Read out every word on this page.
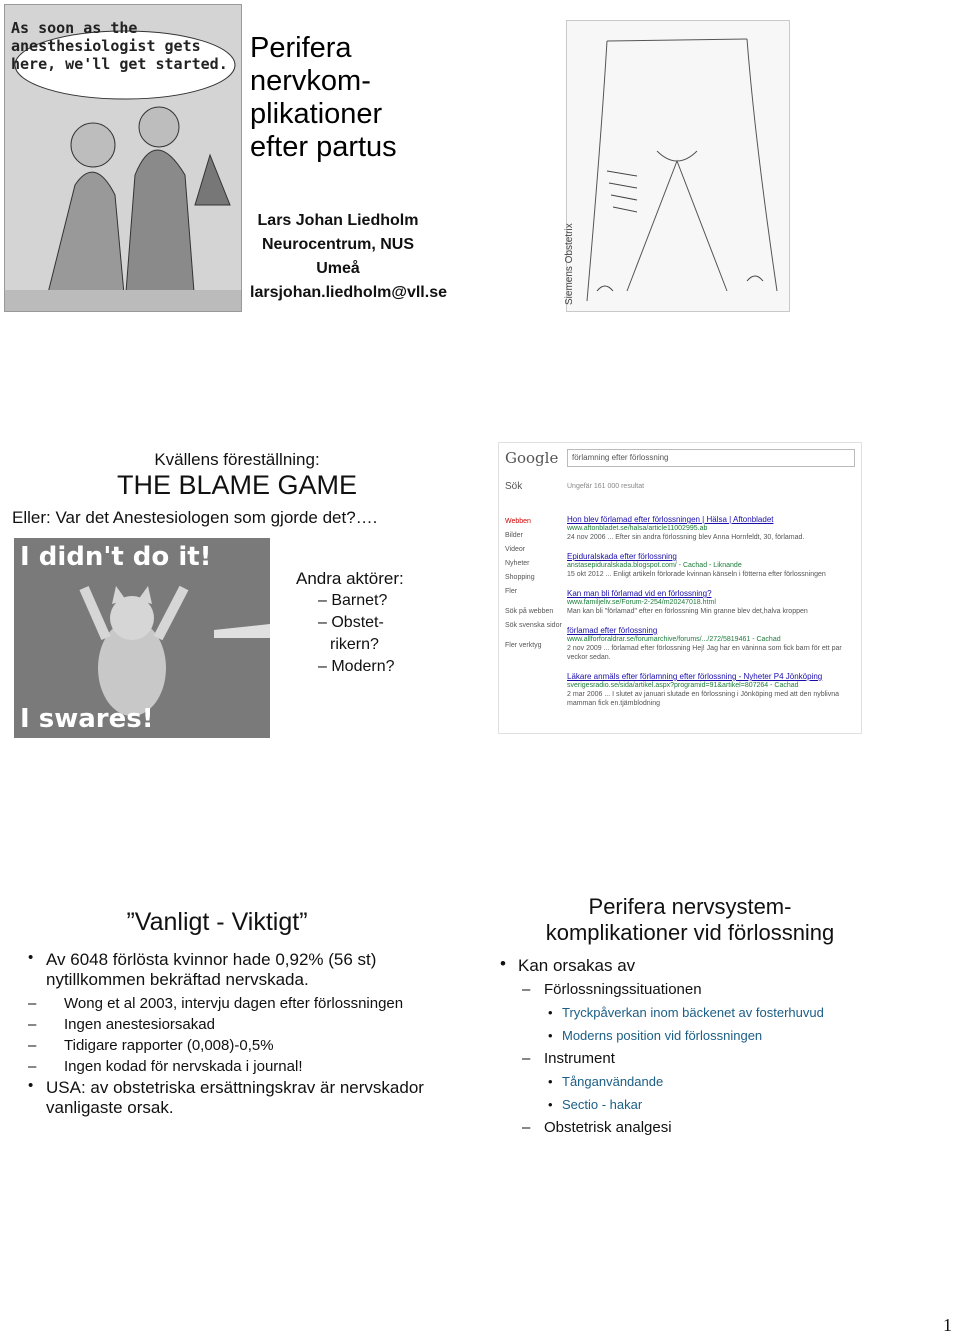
As soon as the anesthesiologist gets here, we'll get started. Perifera
nervkom-
plikationer
efter partus
Lars Johan Liedholm
Neurocentrum, NUS
Umeå
larsjohan.liedholm@vll.se	Siemens Obstetrix
Kvällens föreställning:
THE BLAME GAME
Eller: Var det Anestesiologen som gjorde det?….
I didn't do it!
I swares!
Andra aktörer:
– Barnet?
– Obstet-
rikern?
– Modern?
Google	förlamning efter förlossning
Sök	Ungefär 161 000 resultat
Webben
Bilder
Videor
Nyheter
Shopping
Fler
Sök på webben
Sök svenska sidor
Fler verktyg
Hon blev förlamad efter förlossningen | Hälsa | Aftonbladet
www.aftonbladet.se/halsa/article11002995.ab
24 nov 2006 ... Efter sin andra förlossning blev Anna Hornfeldt, 30, förlamad.
Epiduralskada efter förlossning
anstasepiduralskada.blogspot.com/ - Cachad - Liknande
15 okt 2012 ... Enligt artikeln förlorade kvinnan känseln i fötterna efter förlossningen
Kan man bli förlamad vid en förlossning?
www.familjeliv.se/Forum-2-254/m20247018.html
Man kan bli "förlamad" efter en förlossning Min granne blev det,halva kroppen
förlamad efter förlossning
www.allforforaldrar.se/forumarchive/forums/.../272/5819461 - Cachad
2 nov 2009 ... förlamad efter förlossning Hej! Jag har en väninna som fick barn för ett par veckor sedan.
Läkare anmäls efter förlamning efter förlossning - Nyheter P4 Jönköping
sverigesradio.se/sida/artikel.aspx?programid=91&artikel=807264 - Cachad
2 mar 2006 ... I slutet av januari slutade en förlossning i Jönköping med att den nyblivna mamman fick en.tjämblodning
”Vanligt - Viktigt”
• Av 6048 förlösta kvinnor hade 0,92% (56 st) nytillkommen bekräftad nervskada.
– Wong et al 2003, intervju dagen efter förlossningen
– Ingen anestesiorsakad
– Tidigare rapporter (0,008)-0,5%
– Ingen kodad för nervskada i journal!
• USA: av obstetriska ersättningskrav är nervskador vanligaste orsak.
Perifera nervsystem-
komplikationer vid förlossning
• Kan orsakas av
– Förlossningssituationen
• Tryckpåverkan inom bäckenet av fosterhuvud
• Moderns position vid förlossningen
– Instrument
• Tånganvändande
• Sectio - hakar
– Obstetrisk analgesi
1
